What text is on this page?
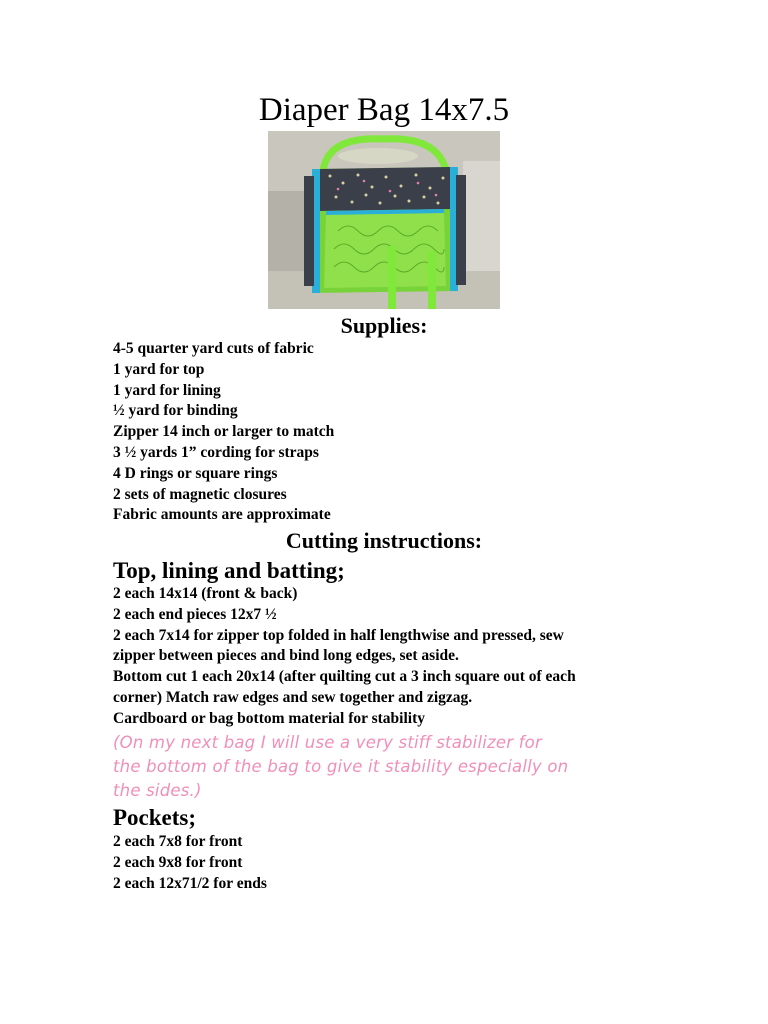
Diaper Bag 14x7.5
Supplies:
4-5 quarter yard cuts of fabric
1 yard for top
1 yard for lining
½ yard for binding
Zipper 14 inch or larger to match
3 ½ yards 1” cording for straps
4 D rings or square rings
2 sets of magnetic closures
Fabric amounts are approximate
Cutting instructions:
Top, lining and batting;
2 each 14x14 (front & back)
2 each end pieces 12x7 ½
2 each 7x14 for zipper top folded in half lengthwise and pressed, sew
zipper between pieces and bind long edges, set aside.
Bottom cut 1 each 20x14 (after quilting cut a 3 inch square out of each
corner) Match raw edges and sew together and zigzag.
Cardboard or bag bottom material for stability
(On my next bag I will use a very stiff stabilizer for
the bottom of the bag to give it stability especially on
the sides.)
Pockets;
2 each 7x8 for front
2 each 9x8 for front
2 each 12x71/2 for ends
